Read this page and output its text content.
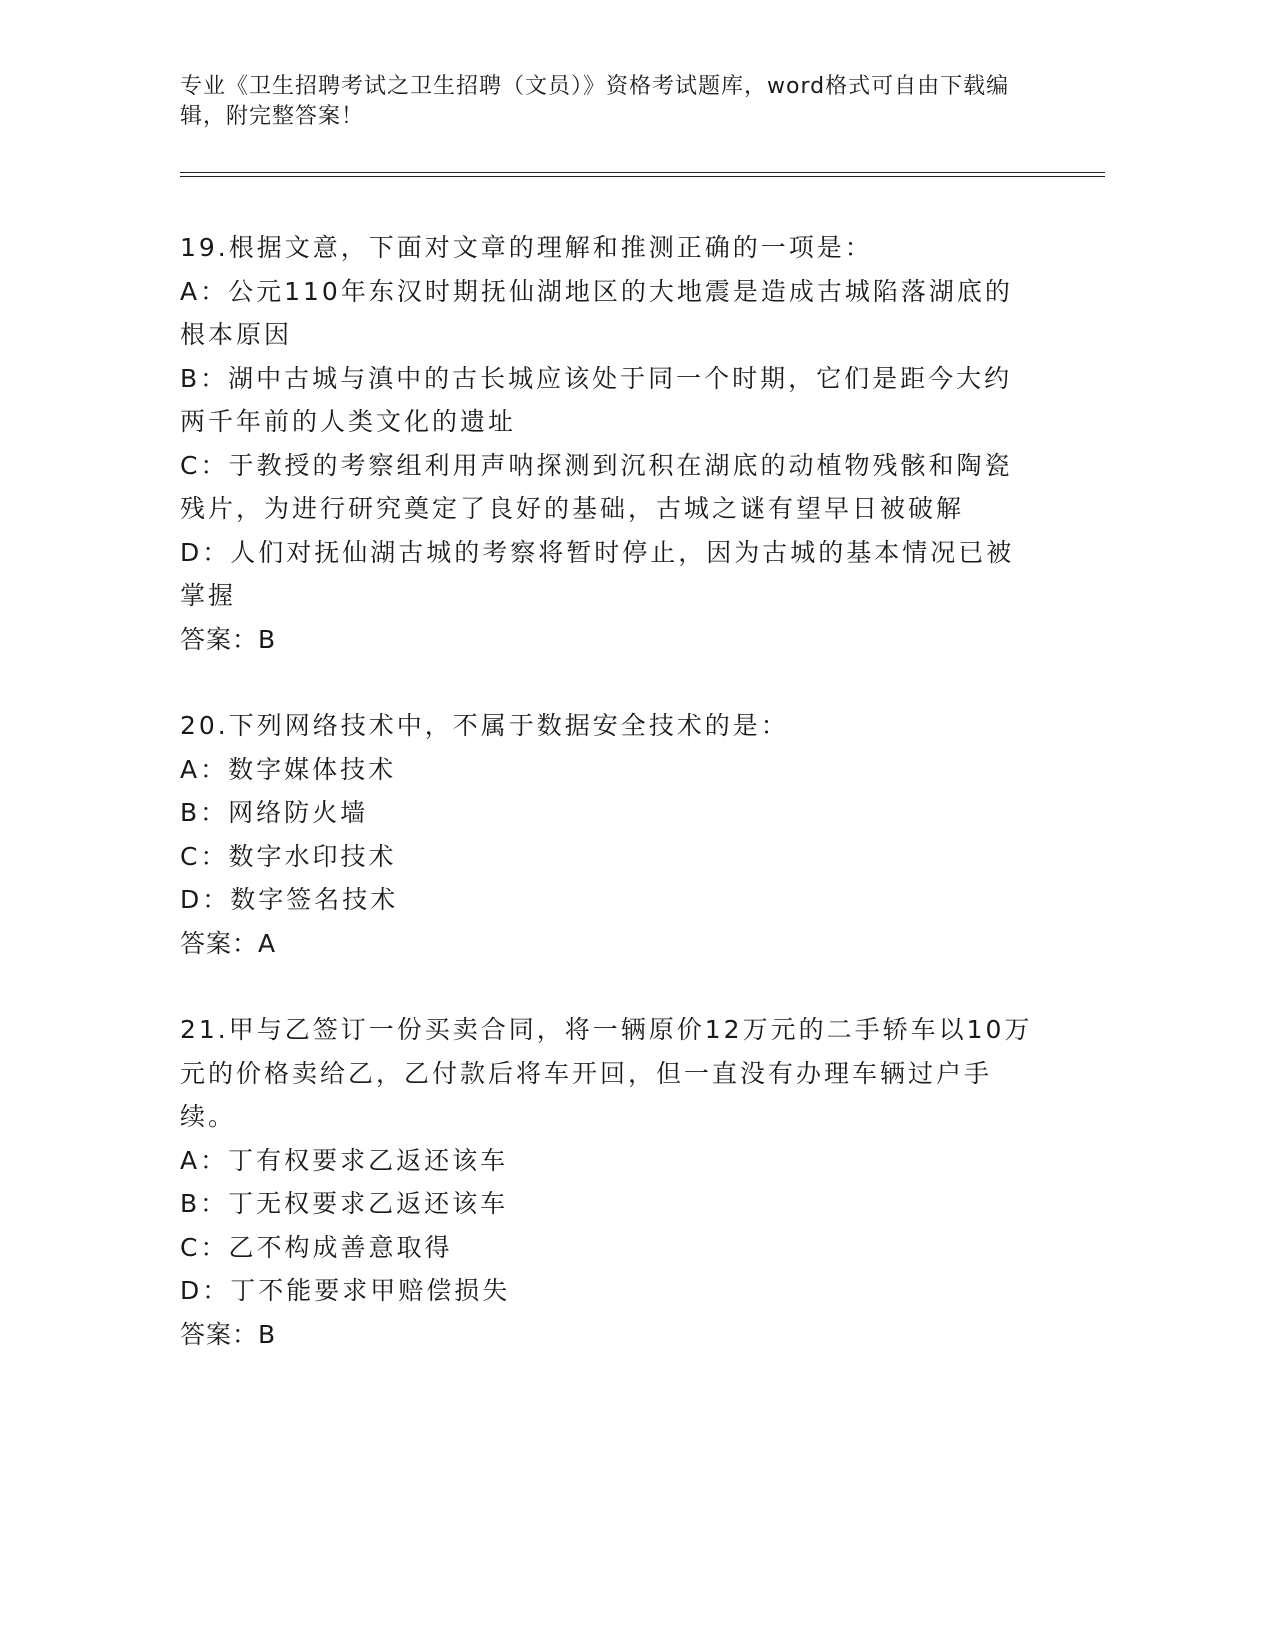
专业《卫生招聘考试之卫生招聘（文员）》资格考试题库，word格式可自由下载编辑，附完整答案！
19.根据文意，下面对文章的理解和推测正确的一项是：
A：公元110年东汉时期抚仙湖地区的大地震是造成古城陷落湖底的根本原因
B：湖中古城与滇中的古长城应该处于同一个时期，它们是距今大约两千年前的人类文化的遗址
C：于教授的考察组利用声呐探测到沉积在湖底的动植物残骸和陶瓷残片，为进行研究奠定了良好的基础，古城之谜有望早日被破解
D：人们对抚仙湖古城的考察将暂时停止，因为古城的基本情况已被掌握
答案：B
20.下列网络技术中，不属于数据安全技术的是：
A：数字媒体技术
B：网络防火墙
C：数字水印技术
D：数字签名技术
答案：A
21.甲与乙签订一份买卖合同，将一辆原价12万元的二手轿车以10万元的价格卖给乙，乙付款后将车开回，但一直没有办理车辆过户手续。
A：丁有权要求乙返还该车
B：丁无权要求乙返还该车
C：乙不构成善意取得
D：丁不能要求甲赔偿损失
答案：B
